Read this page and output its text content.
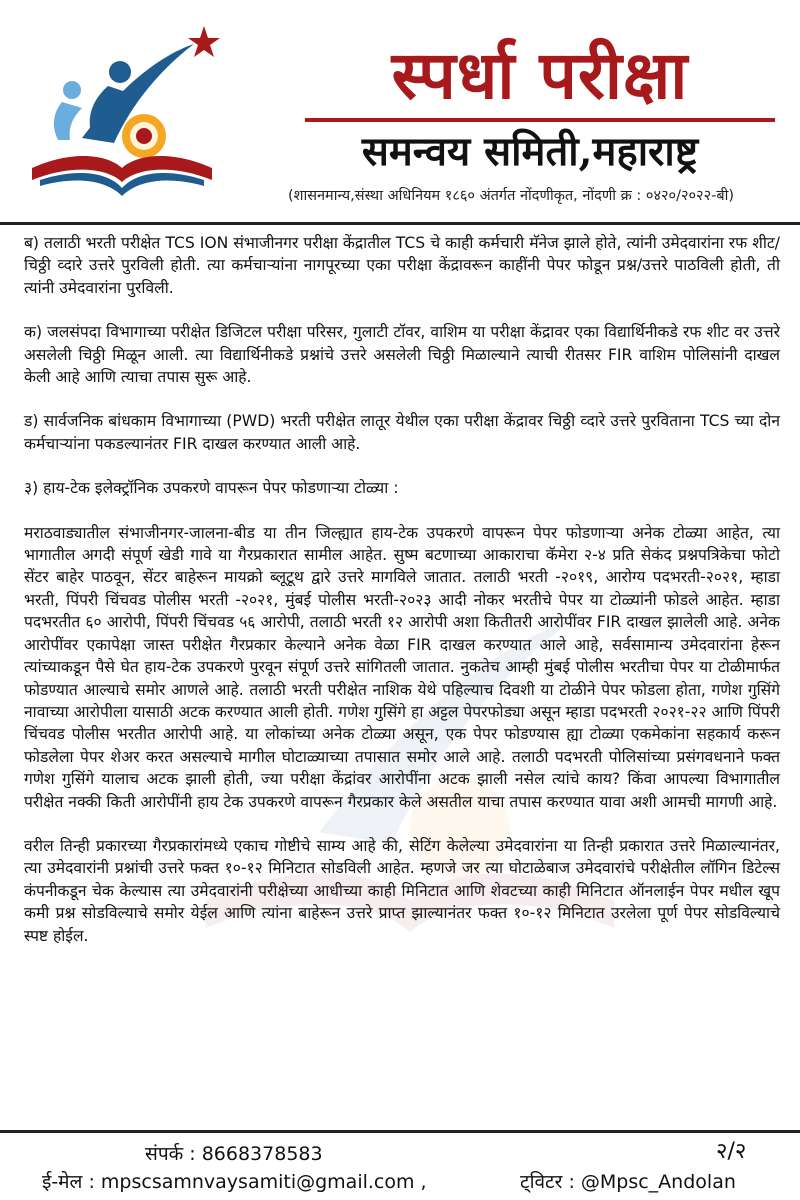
स्पर्धा परीक्षा
समन्वय समिती,महाराष्ट्र
(शासनमान्य,संस्था अधिनियम १८६० अंतर्गत नोंदणीकृत, नोंदणी क्र : ०४२०/२०२२-बी)

ब) तलाठी भरती परीक्षेत TCS ION संभाजीनगर परीक्षा केंद्रातील TCS चे काही कर्मचारी मॅनेज झाले होते, त्यांनी उमेदवारांना रफ शीट/चिठ्ठी व्दारे उत्तरे पुरविली होती. त्या कर्मचाऱ्यांना नागपूरच्या एका परीक्षा केंद्रावरून काहींनी पेपर फोडून प्रश्न/उत्तरे पाठविली होती, ती त्यांनी उमेदवारांना पुरविली.

क) जलसंपदा विभागाच्या परीक्षेत डिजिटल परीक्षा परिसर, गुलाटी टॉवर, वाशिम या परीक्षा केंद्रावर एका विद्यार्थिनीकडे रफ शीट वर उत्तरे असलेली चिठ्ठी मिळून आली. त्या विद्यार्थिनीकडे प्रश्नांचे उत्तरे असलेली चिठ्ठी मिळाल्याने त्याची रीतसर FIR वाशिम पोलिसांनी दाखल केली आहे आणि त्याचा तपास सुरू आहे.

ड) सार्वजनिक बांधकाम विभागाच्या (PWD) भरती परीक्षेत लातूर येथील एका परीक्षा केंद्रावर चिठ्ठी व्दारे उत्तरे पुरविताना TCS च्या दोन कर्मचाऱ्यांना पकडल्यानंतर FIR दाखल करण्यात आली आहे.

३) हाय-टेक इलेक्ट्रॉनिक उपकरणे वापरून पेपर फोडणाऱ्या टोळ्या :

मराठवाड्यातील संभाजीनगर-जालना-बीड या तीन जिल्ह्यात हाय-टेक उपकरणे वापरून पेपर फोडणाऱ्या अनेक टोळ्या आहेत, त्या भागातील अगदी संपूर्ण खेडी गावे या गैरप्रकारात सामील आहेत. सुष्म बटणाच्या आकाराचा कॅमेरा २-४ प्रति सेकंद प्रश्नपत्रिकेचा फोटो सेंटर बाहेर पाठवून, सेंटर बाहेरून मायक्रो ब्लूटूथ द्वारे उत्तरे मागविले जातात. तलाठी भरती -२०१९, आरोग्य पदभरती-२०२१, म्हाडा भरती, पिंपरी चिंचवड पोलीस भरती -२०२१, मुंबई पोलीस भरती-२०२३ आदी नोकर भरतीचे पेपर या टोळ्यांनी फोडले आहेत. म्हाडा पदभरतीत ६० आरोपी, पिंपरी चिंचवड ५६ आरोपी, तलाठी भरती १२ आरोपी अशा कितीतरी आरोपींवर FIR दाखल झालेली आहे. अनेक आरोपींवर एकापेक्षा जास्त परीक्षेत गैरप्रकार केल्याने अनेक वेळा FIR दाखल करण्यात आले आहे, सर्वसामान्य उमेदवारांना हेरून त्यांच्याकडून पैसे घेत हाय-टेक उपकरणे पुरवून संपूर्ण उत्तरे सांगितली जातात. नुकतेच आम्ही मुंबई पोलीस भरतीचा पेपर या टोळीमार्फत फोडण्यात आल्याचे समोर आणले आहे. तलाठी भरती परीक्षेत नाशिक येथे पहिल्याच दिवशी या टोळीने पेपर फोडला होता, गणेश गुसिंगे नावाच्या आरोपीला यासाठी अटक करण्यात आली होती. गणेश गुसिंगे हा अट्टल पेपरफोड्या असून म्हाडा पदभरती २०२१-२२ आणि पिंपरी चिंचवड पोलीस भरतीत आरोपी आहे. या लोकांच्या अनेक टोळ्या असून, एक पेपर फोडण्यास ह्या टोळ्या एकमेकांना सहकार्य करून फोडलेला पेपर शेअर करत असल्याचे मागील घोटाळ्याच्या तपासात समोर आले आहे. तलाठी पदभरती पोलिसांच्या प्रसंगवधनाने फक्त गणेश गुसिंगे यालाच अटक झाली होती, ज्या परीक्षा केंद्रांवर आरोपींना अटक झाली नसेल त्यांचे काय? किंवा आपल्या विभागातील परीक्षेत नक्की किती आरोपींनी हाय टेक उपकरणे वापरून गैरप्रकार केले असतील याचा तपास करण्यात यावा अशी आमची मागणी आहे.

वरील तिन्ही प्रकारच्या गैरप्रकारांमध्ये एकाच गोष्टीचे साम्य आहे की, सेटिंग केलेल्या उमेदवारांना या तिन्ही प्रकारात उत्तरे मिळाल्यानंतर, त्या उमेदवारांनी प्रश्नांची उत्तरे फक्त १०-१२ मिनिटात सोडविली आहेत. म्हणजे जर त्या घोटाळेबाज उमेदवारांचे परीक्षेतील लॉगिन डिटेल्स कंपनीकडून चेक केल्यास त्या उमेदवारांनी परीक्षेच्या आधीच्या काही मिनिटात आणि शेवटच्या काही मिनिटात ऑनलाईन पेपर मधील खूप कमी प्रश्न सोडविल्याचे समोर येईल आणि त्यांना बाहेरून उत्तरे प्राप्त झाल्यानंतर फक्त १०-१२ मिनिटात उरलेला पूर्ण पेपर सोडविल्याचे स्पष्ट होईल.

संपर्क : 8668378583	२/२
ई-मेल : mpscsamnvaysamiti@gmail.com ,	ट्विटर : @Mpsc_Andolan
